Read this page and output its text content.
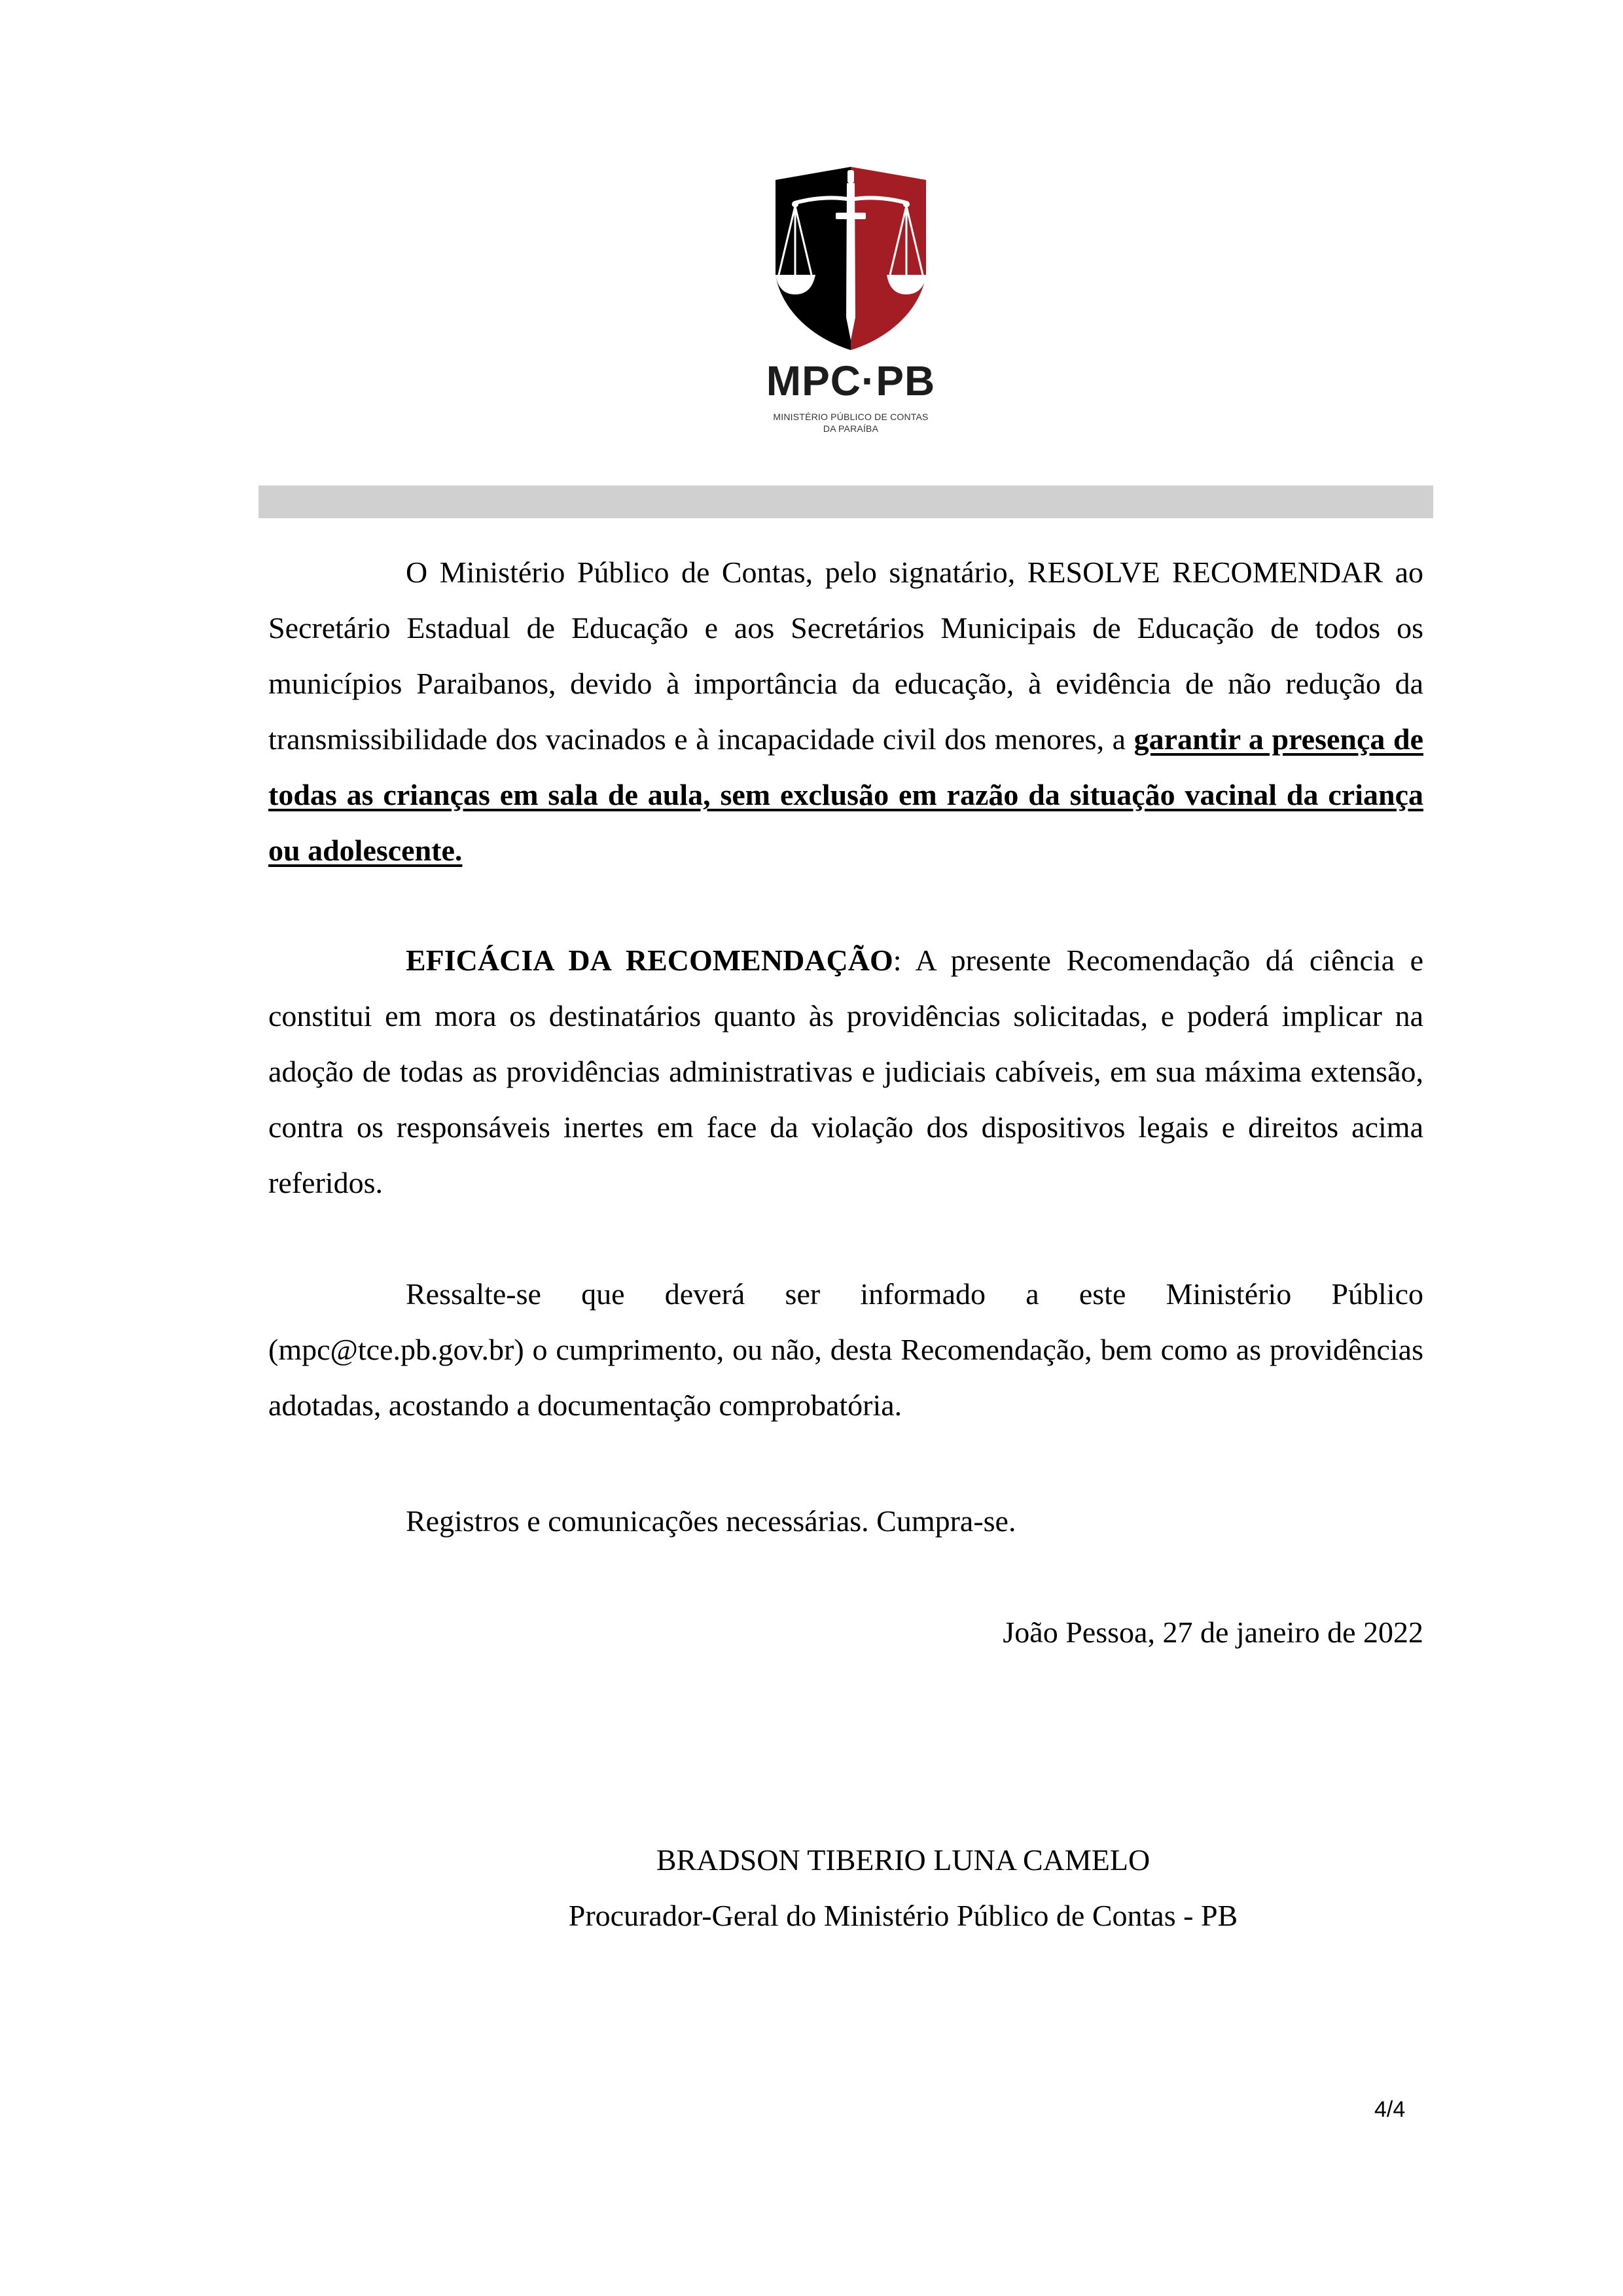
MPC·PB
MINISTÉRIO PÚBLICO DE CONTAS
DA PARAÍBA

O Ministério Público de Contas, pelo signatário, RESOLVE RECOMENDAR ao Secretário Estadual de Educação e aos Secretários Municipais de Educação de todos os municípios Paraibanos, devido à importância da educação, à evidência de não redução da transmissibilidade dos vacinados e à incapacidade civil dos menores, a garantir a presença de todas as crianças em sala de aula, sem exclusão em razão da situação vacinal da criança ou adolescente.

EFICÁCIA DA RECOMENDAÇÃO: A presente Recomendação dá ciência e constitui em mora os destinatários quanto às providências solicitadas, e poderá implicar na adoção de todas as providências administrativas e judiciais cabíveis, em sua máxima extensão, contra os responsáveis inertes em face da violação dos dispositivos legais e direitos acima referidos.

Ressalte-se que deverá ser informado a este Ministério Público (mpc@tce.pb.gov.br) o cumprimento, ou não, desta Recomendação, bem como as providências adotadas, acostando a documentação comprobatória.

Registros e comunicações necessárias. Cumpra-se.

João Pessoa, 27 de janeiro de 2022
BRADSON TIBERIO LUNA CAMELO
Procurador-Geral do Ministério Público de Contas - PB
4/4
